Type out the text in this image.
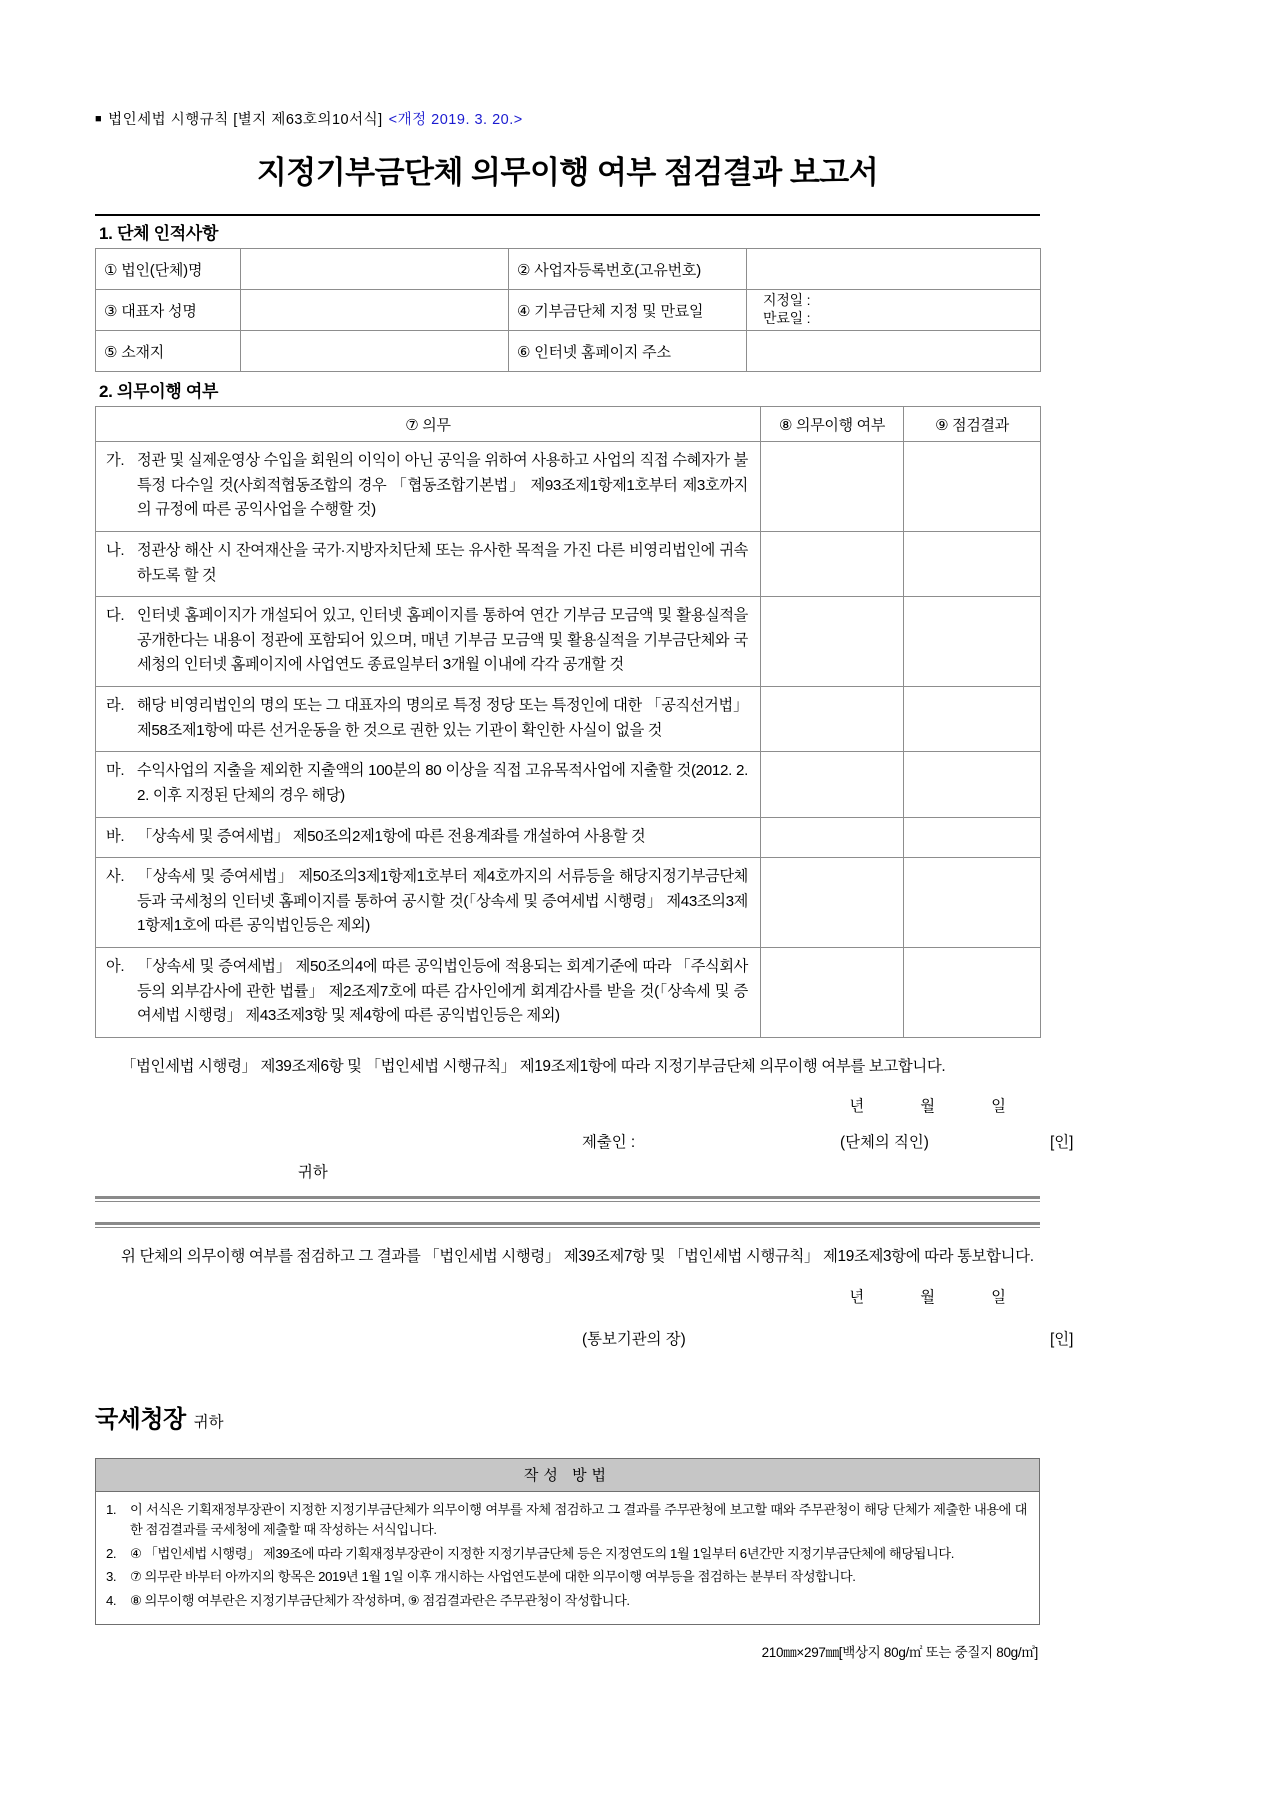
■ 법인세법 시행규칙 [별지 제63호의10서식] <개정 2019. 3. 20.>
지정기부금단체 의무이행 여부 점검결과 보고서
1. 단체 인적사항
① 법인(단체)명		② 사업자등록번호(고유번호)	
③ 대표자 성명		④ 기부금단체 지정 및 만료일	지정일 :
만료일 :

⑤ 소재지		⑥ 인터넷 홈페이지 주소	
2. 의무이행 여부
⑦ 의무	⑧ 의무이행 여부	⑨ 점검결과

가. 정관 및 실제운영상 수입을 회원의 이익이 아닌 공익을 위하여 사용하고 사업의 직접 수혜자가 불특정 다수일 것(사회적협동조합의 경우 「협동조합기본법」 제93조제1항제1호부터 제3호까지의 규정에 따른 공익사업을 수행할 것)		

나. 정관상 해산 시 잔여재산을 국가·지방자치단체 또는 유사한 목적을 가진 다른 비영리법인에 귀속하도록 할 것		

다. 인터넷 홈페이지가 개설되어 있고, 인터넷 홈페이지를 통하여 연간 기부금 모금액 및 활용실적을 공개한다는 내용이 정관에 포함되어 있으며, 매년 기부금 모금액 및 활용실적을 기부금단체와 국세청의 인터넷 홈페이지에 사업연도 종료일부터 3개월 이내에 각각 공개할 것		

라. 해당 비영리법인의 명의 또는 그 대표자의 명의로 특정 정당 또는 특정인에 대한 「공직선거법」 제58조제1항에 따른 선거운동을 한 것으로 권한 있는 기관이 확인한 사실이 없을 것		

마. 수익사업의 지출을 제외한 지출액의 100분의 80 이상을 직접 고유목적사업에 지출할 것(2012. 2. 2. 이후 지정된 단체의 경우 해당)		

바. 「상속세 및 증여세법」 제50조의2제1항에 따른 전용계좌를 개설하여 사용할 것		

사. 「상속세 및 증여세법」 제50조의3제1항제1호부터 제4호까지의 서류등을 해당지정기부금단체등과 국세청의 인터넷 홈페이지를 통하여 공시할 것(「상속세 및 증여세법 시행령」 제43조의3제1항제1호에 따른 공익법인등은 제외)		

아. 「상속세 및 증여세법」 제50조의4에 따른 공익법인등에 적용되는 회계기준에 따라 「주식회사 등의 외부감사에 관한 법률」 제2조제7호에 따른 감사인에게 회계감사를 받을 것(「상속세 및 증여세법 시행령」 제43조제3항 및 제4항에 따른 공익법인등은 제외)		

「법인세법 시행령」 제39조제6항 및 「법인세법 시행규칙」 제19조제1항에 따라 지정기부금단체 의무이행 여부를 보고합니다.
년	월	일
제출인 :	(단체의 직인)	[인]
귀하
위 단체의 의무이행 여부를 점검하고 그 결과를 「법인세법 시행령」 제39조제7항 및 「법인세법 시행규칙」 제19조제3항에 따라 통보합니다.
년	월	일
(통보기관의 장)	[인]
국세청장 귀하
작성 방법
1.	이 서식은 기획재정부장관이 지정한 지정기부금단체가 의무이행 여부를 자체 점검하고 그 결과를 주무관청에 보고할 때와 주무관청이 해당 단체가 제출한 내용에 대한 점검결과를 국세청에 제출할 때 작성하는 서식입니다.
2.	④ 「법인세법 시행령」 제39조에 따라 기획재정부장관이 지정한 지정기부금단체 등은 지정연도의 1월 1일부터 6년간만 지정기부금단체에 해당됩니다.
3.	⑦ 의무란 바부터 아까지의 항목은 2019년 1월 1일 이후 개시하는 사업연도분에 대한 의무이행 여부등을 점검하는 분부터 작성합니다.
4.	⑧ 의무이행 여부란은 지정기부금단체가 작성하며, ⑨ 점검결과란은 주무관청이 작성합니다.
210㎜×297㎜[백상지 80g/㎡ 또는 중질지 80g/㎡]
